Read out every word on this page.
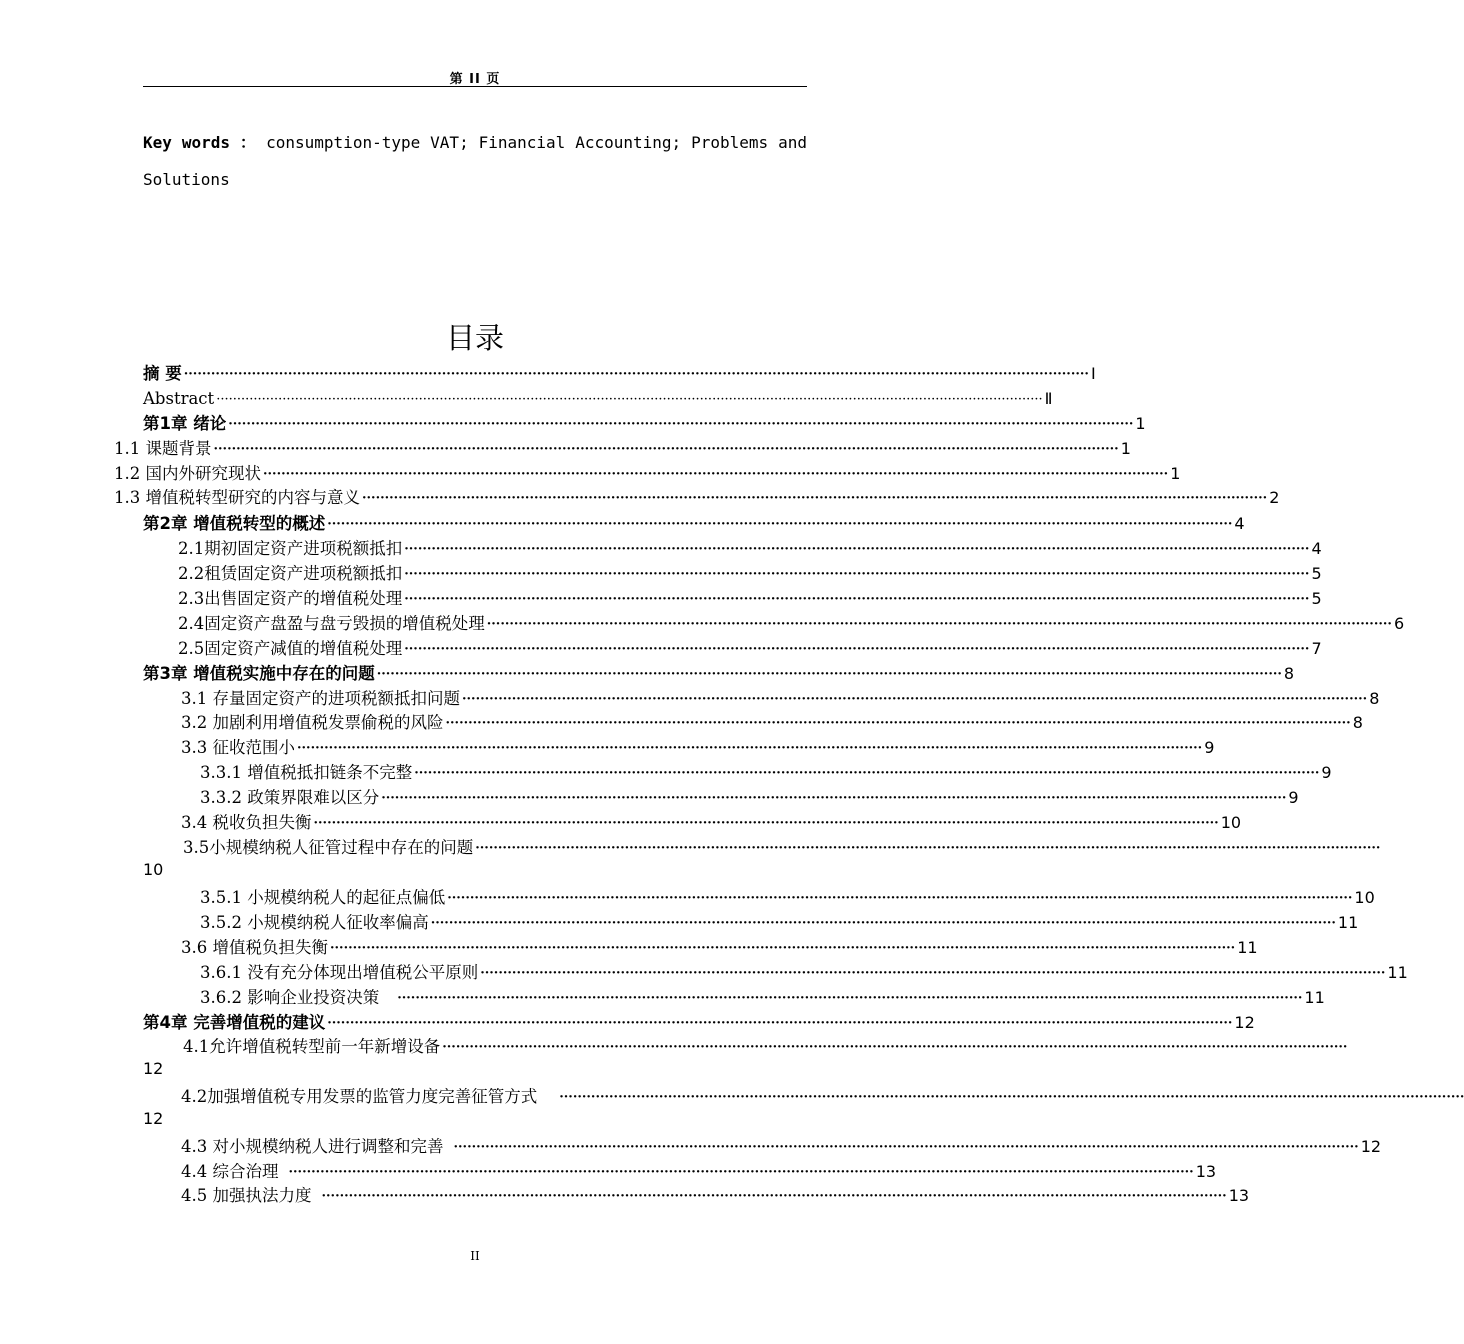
第 II 页
Key words ： consumption-type VAT; Financial Accounting; Problems and Solutions
目录
摘 要 ········································································································································································································ Ⅰ
Abstract ········································································································································································································ Ⅱ
第1章 绪论 ········································································································································································································ 1
1.1 课题背景 ········································································································································································································ 1
1.2 国内外研究现状 ········································································································································································································ 1
1.3 增值税转型研究的内容与意义 ········································································································································································································ 2
第2章 增值税转型的概述 ········································································································································································································ 4
2.1期初固定资产进项税额抵扣 ········································································································································································································ 4
2.2租赁固定资产进项税额抵扣 ········································································································································································································ 5
2.3出售固定资产的增值税处理 ········································································································································································································ 5
2.4固定资产盘盈与盘亏毁损的增值税处理 ········································································································································································································ 6
2.5固定资产减值的增值税处理 ········································································································································································································ 7
第3章 增值税实施中存在的问题 ········································································································································································································ 8
3.1 存量固定资产的进项税额抵扣问题 ········································································································································································································ 8
3.2 加剧利用增值税发票偷税的风险 ········································································································································································································ 8
3.3 征收范围小 ········································································································································································································ 9
3.3.1 增值税抵扣链条不完整 ········································································································································································································ 9
3.3.2 政策界限难以区分 ········································································································································································································ 9
3.4 税收负担失衡 ········································································································································································································ 10
3.5小规模纳税人征管过程中存在的问题 ········································································································································································································
10
3.5.1 小规模纳税人的起征点偏低 ········································································································································································································ 10
3.5.2 小规模纳税人征收率偏高 ········································································································································································································ 11
3.6 增值税负担失衡 ········································································································································································································ 11
3.6.1 没有充分体现出增值税公平原则 ········································································································································································································ 11
3.6.2 影响企业投资决策	········································································································································································································ 11
第4章 完善增值税的建议 ········································································································································································································ 12
4.1允许增值税转型前一年新增设备 ········································································································································································································
12
4.2加强增值税专用发票的监管力度完善征管方式	········································································································································································································
12
4.3 对小规模纳税人进行调整和完善 ········································································································································································································ 12
4.4 综合治理 ········································································································································································································ 13
4.5 加强执法力度 ········································································································································································································ 13
II
